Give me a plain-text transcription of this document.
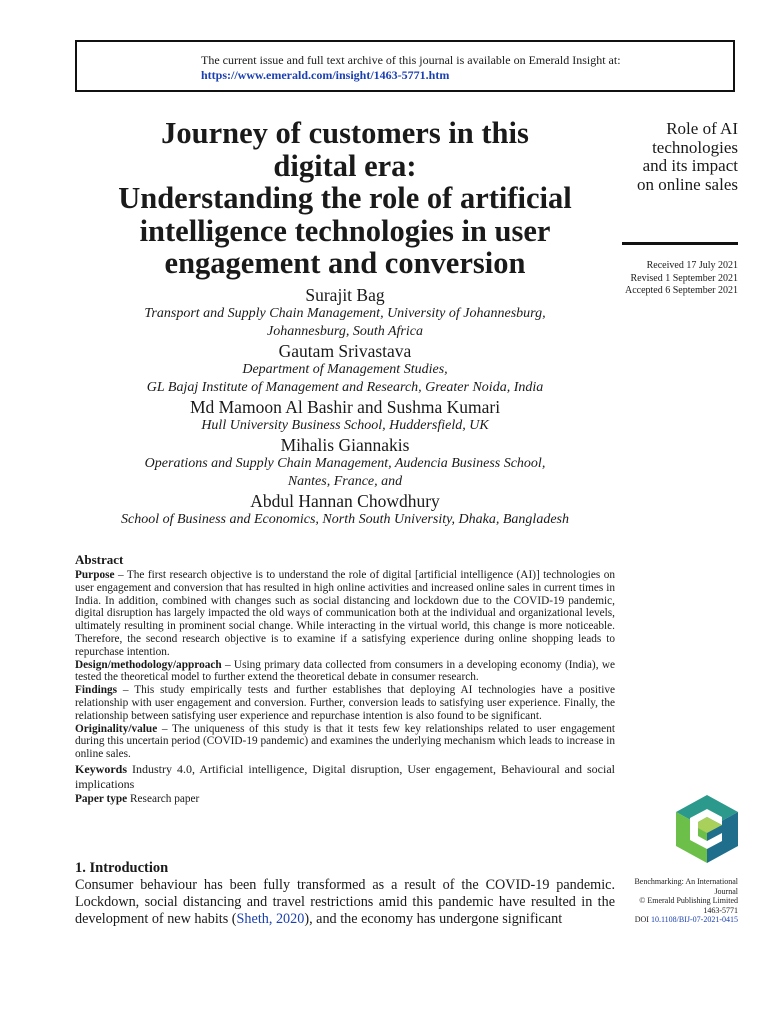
The current issue and full text archive of this journal is available on Emerald Insight at:
https://www.emerald.com/insight/1463-5771.htm
Journey of customers in this
digital era:
Understanding the role of artificial
intelligence technologies in user
engagement and conversion
Role of AI
technologies
and its impact
on online sales
Received 17 July 2021
Revised 1 September 2021
Accepted 6 September 2021
Surajit Bag
Transport and Supply Chain Management, University of Johannesburg,
Johannesburg, South Africa
Gautam Srivastava
Department of Management Studies,
GL Bajaj Institute of Management and Research, Greater Noida, India
Md Mamoon Al Bashir and Sushma Kumari
Hull University Business School, Huddersfield, UK
Mihalis Giannakis
Operations and Supply Chain Management, Audencia Business School,
Nantes, France, and
Abdul Hannan Chowdhury
School of Business and Economics, North South University, Dhaka, Bangladesh
Abstract

Purpose – The first research objective is to understand the role of digital [artificial intelligence (AI)] technologies on user engagement and conversion that has resulted in high online activities and increased online sales in current times in India. In addition, combined with changes such as social distancing and lockdown due to the COVID-19 pandemic, digital disruption has largely impacted the old ways of communication both at the individual and organizational levels, ultimately resulting in prominent social change. While interacting in the virtual world, this change is more noticeable. Therefore, the second research objective is to examine if a satisfying experience during online shopping leads to repurchase intention.

Design/methodology/approach – Using primary data collected from consumers in a developing economy (India), we tested the theoretical model to further extend the theoretical debate in consumer research.

Findings – This study empirically tests and further establishes that deploying AI technologies have a positive relationship with user engagement and conversion. Further, conversion leads to satisfying user experience. Finally, the relationship between satisfying user experience and repurchase intention is also found to be significant.

Originality/value – The uniqueness of this study is that it tests few key relationships related to user engagement during this uncertain period (COVID-19 pandemic) and examines the underlying mechanism which leads to increase in online sales.

Keywords Industry 4.0, Artificial intelligence, Digital disruption, User engagement, Behavioural and social implications

Paper type Research paper

1. Introduction

Consumer behaviour has been fully transformed as a result of the COVID-19 pandemic. Lockdown, social distancing and travel restrictions amid this pandemic have resulted in the development of new habits (Sheth, 2020), and the economy has undergone significant

Benchmarking: An International
Journal
© Emerald Publishing Limited
1463-5771
DOI 10.1108/BIJ-07-2021-0415
